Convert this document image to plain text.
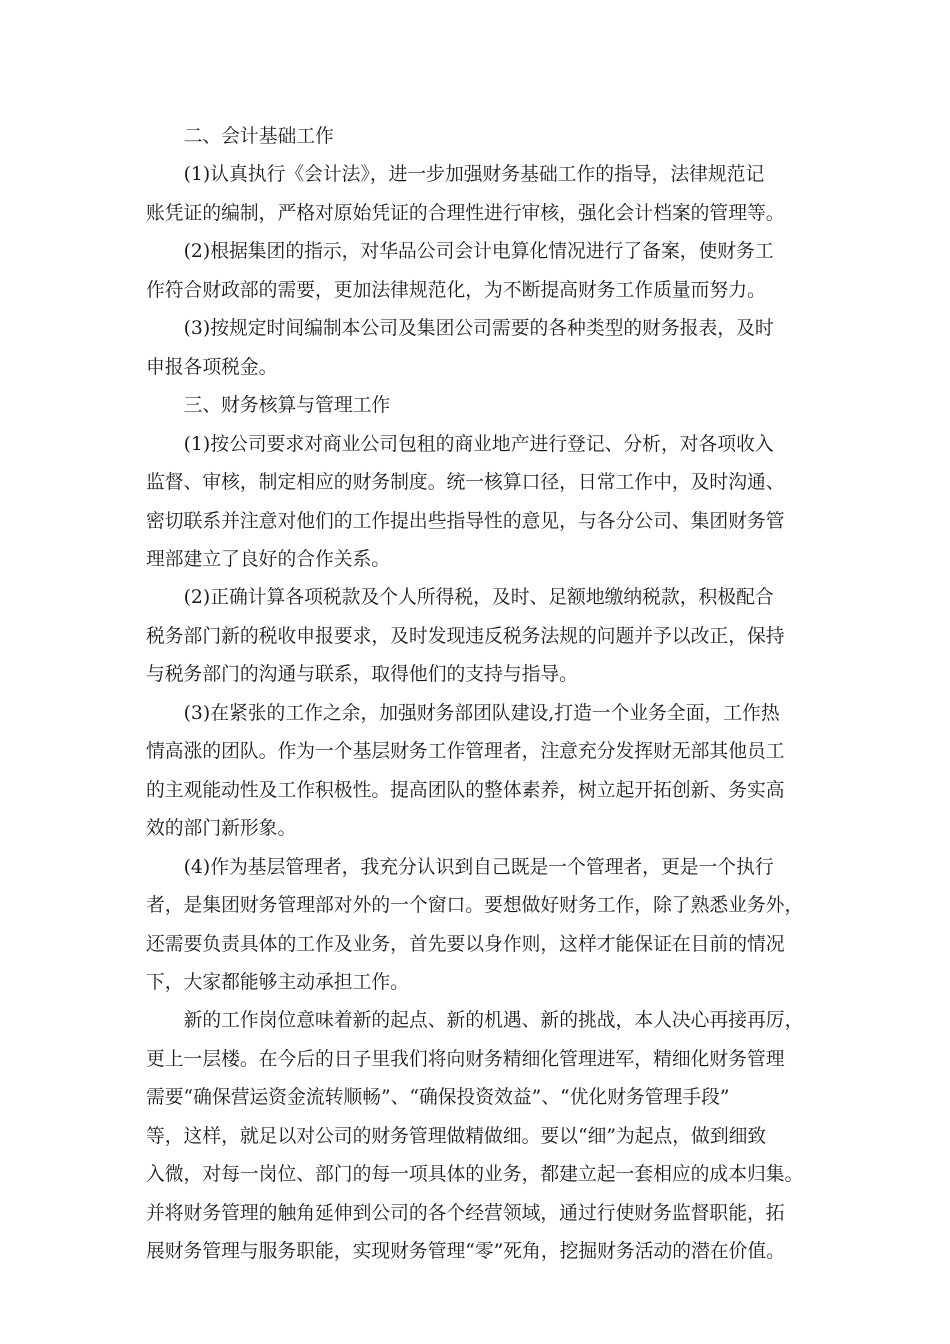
二、会计基础工作

(1)认真执行《会计法》，进一步加强财务基础工作的指导，法律规范记
账凭证的编制，严格对原始凭证的合理性进行审核，强化会计档案的管理等。

(2)根据集团的指示，对华品公司会计电算化情况进行了备案，使财务工
作符合财政部的需要，更加法律规范化，为不断提高财务工作质量而努力。

(3)按规定时间编制本公司及集团公司需要的各种类型的财务报表，及时
申报各项税金。

三、财务核算与管理工作

(1)按公司要求对商业公司包租的商业地产进行登记、分析，对各项收入
监督、审核，制定相应的财务制度。统一核算口径，日常工作中，及时沟通、
密切联系并注意对他们的工作提出些指导性的意见，与各分公司、集团财务管
理部建立了良好的合作关系。

(2)正确计算各项税款及个人所得税，及时、足额地缴纳税款，积极配合
税务部门新的税收申报要求，及时发现违反税务法规的问题并予以改正，保持
与税务部门的沟通与联系，取得他们的支持与指导。

(3)在紧张的工作之余，加强财务部团队建设,打造一个业务全面，工作热
情高涨的团队。作为一个基层财务工作管理者，注意充分发挥财无部其他员工
的主观能动性及工作积极性。提高团队的整体素养，树立起开拓创新、务实高
效的部门新形象。

(4)作为基层管理者，我充分认识到自己既是一个管理者，更是一个执行
者，是集团财务管理部对外的一个窗口。要想做好财务工作，除了熟悉业务外，
还需要负责具体的工作及业务，首先要以身作则，这样才能保证在目前的情况
下，大家都能够主动承担工作。

新的工作岗位意味着新的起点、新的机遇、新的挑战，本人决心再接再厉，
更上一层楼。在今后的日子里我们将向财务精细化管理进军，精细化财务管理
需要“确保营运资金流转顺畅”、“确保投资效益”、“优化财务管理手段”
等，这样，就足以对公司的财务管理做精做细。要以“细”为起点，做到细致
入微，对每一岗位、部门的每一项具体的业务，都建立起一套相应的成本归集。
并将财务管理的触角延伸到公司的各个经营领域，通过行使财务监督职能，拓
展财务管理与服务职能，实现财务管理“零”死角，挖掘财务活动的潜在价值。
